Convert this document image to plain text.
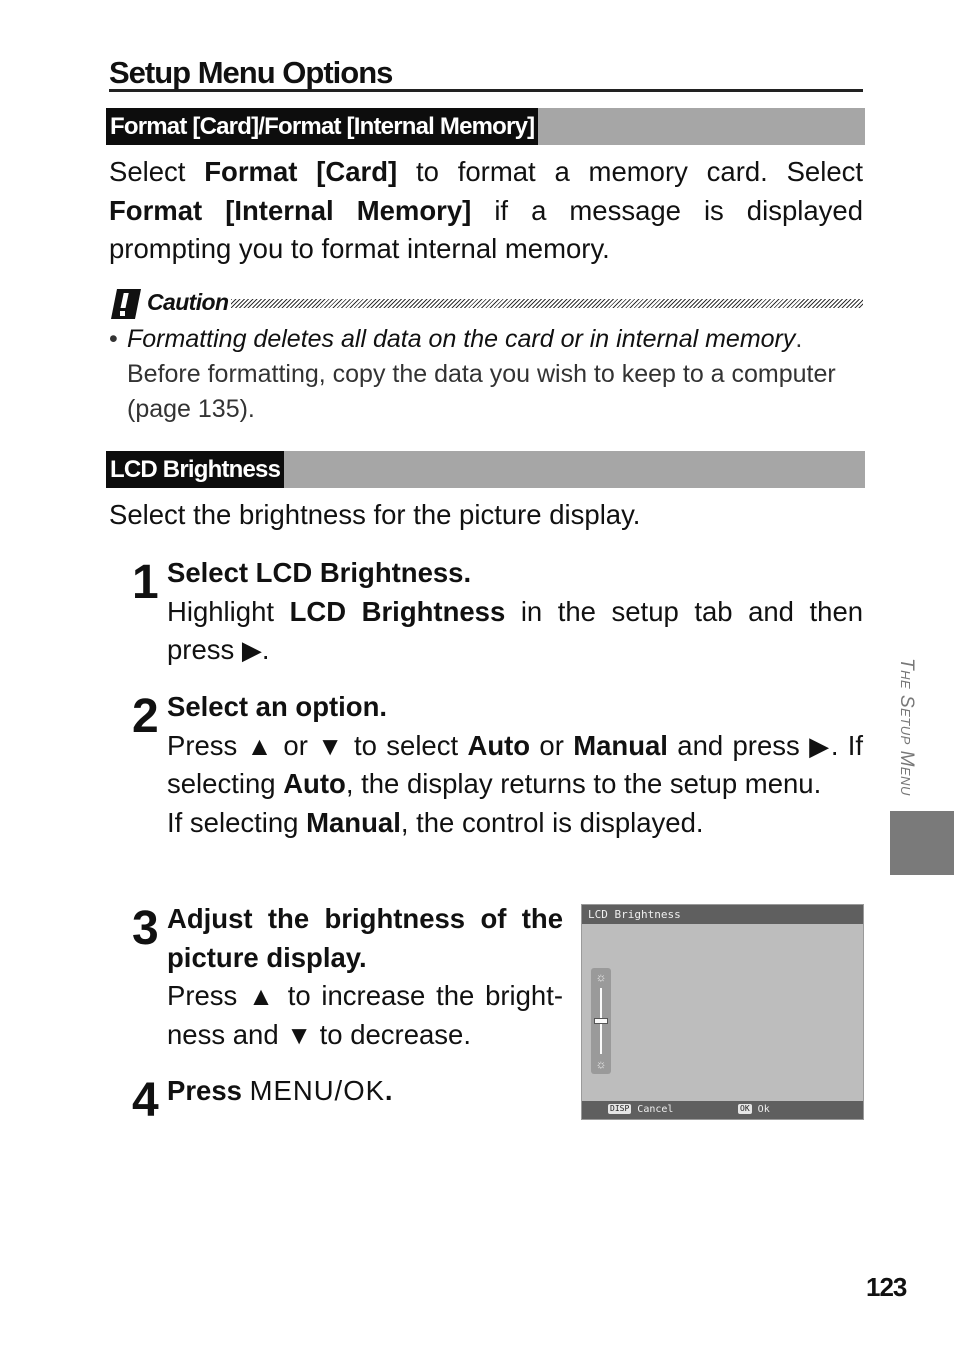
Setup Menu Options
Format [Card]/Format [Internal Memory]
Select Format [Card] to format a memory card. Select Format [Internal Memory] if a message is displayed prompting you to format internal memory.
Caution
• Formatting deletes all data on the card or in internal memory. Before formatting, copy the data you wish to keep to a computer (page 135).
LCD Brightness
Select the brightness for the picture display.
1 Select LCD Brightness.
Highlight LCD Brightness in the setup tab and then press ▶.
2 Select an option.
Press ▲ or ▼ to select Auto or Manual and press ▶. If selecting Auto, the display returns to the setup menu.
If selecting Manual, the control is displayed.
3 Adjust the brightness of the picture display.
Press ▲ to increase the bright-ness and ▼ to decrease.
4 Press MENU/OK.
LCD Brightness
☼
☼
DISP Cancel	OK Ok
The Setup Menu
123
